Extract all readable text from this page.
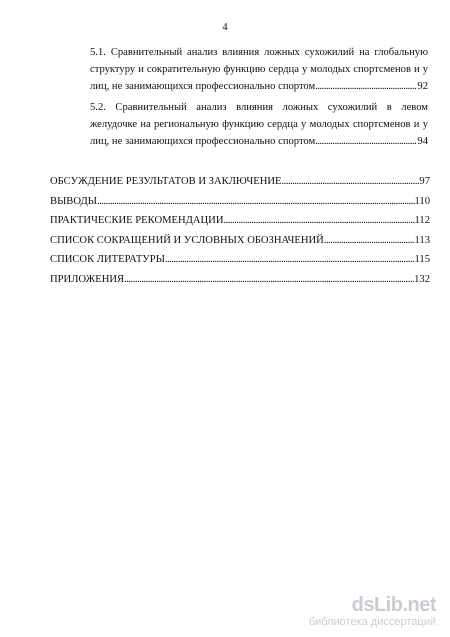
4
5.1. Сравнительный анализ влияния ложных сухожилий на глобальную
структуру и сократительную функцию сердца у молодых спортсменов и у
лиц, не занимающихся профессионально спортом .....	92
5.2. Сравнительный анализ влияния ложных сухожилий в левом
желудочке на региональную функцию сердца у молодых спортсменов и у
лиц, не занимающихся профессионально спортом .....	94
ОБСУЖДЕНИЕ РЕЗУЛЬТАТОВ И ЗАКЛЮЧЕНИЕ .....	97
ВЫВОДЫ .....	110
ПРАКТИЧЕСКИЕ РЕКОМЕНДАЦИИ .....	112
СПИСОК СОКРАЩЕНИЙ И УСЛОВНЫХ ОБОЗНАЧЕНИЙ .....	113
СПИСОК ЛИТЕРАТУРЫ .....	115
ПРИЛОЖЕНИЯ .....	132
dsLib.net
библиотека диссертаций
